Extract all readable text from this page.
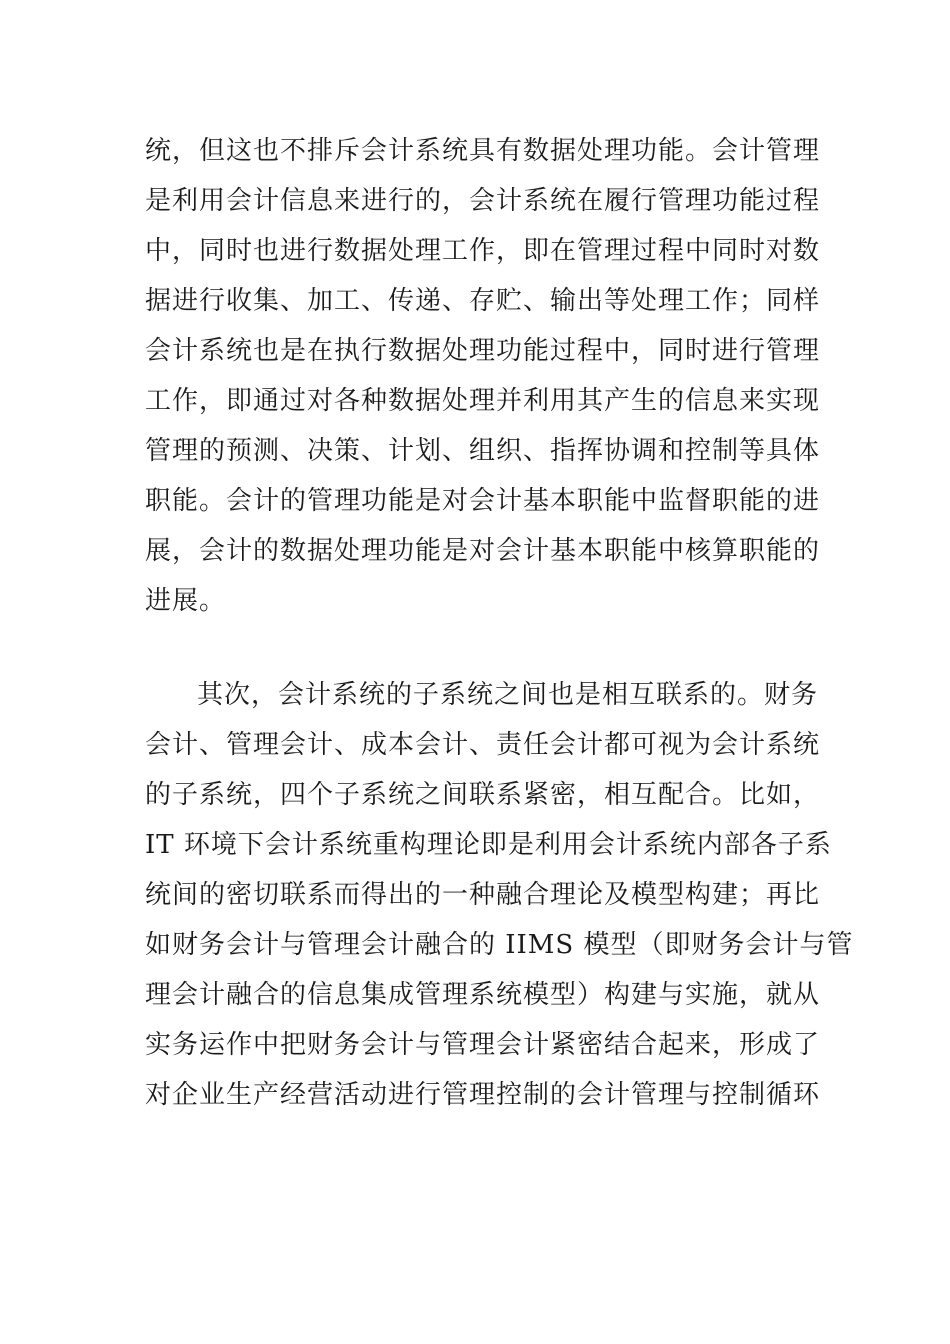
统，但这也不排斥会计系统具有数据处理功能。会计管理
是利用会计信息来进行的，会计系统在履行管理功能过程
中，同时也进行数据处理工作，即在管理过程中同时对数
据进行收集、加工、传递、存贮、输出等处理工作；同样
会计系统也是在执行数据处理功能过程中，同时进行管理
工作，即通过对各种数据处理并利用其产生的信息来实现
管理的预测、决策、计划、组织、指挥协调和控制等具体
职能。会计的管理功能是对会计基本职能中监督职能的进
展，会计的数据处理功能是对会计基本职能中核算职能的
进展。
其次，会计系统的子系统之间也是相互联系的。财务
会计、管理会计、成本会计、责任会计都可视为会计系统
的子系统，四个子系统之间联系紧密，相互配合。比如，
IT 环境下会计系统重构理论即是利用会计系统内部各子系
统间的密切联系而得出的一种融合理论及模型构建；再比
如财务会计与管理会计融合的 IIMS 模型（即财务会计与管
理会计融合的信息集成管理系统模型）构建与实施，就从
实务运作中把财务会计与管理会计紧密结合起来，形成了
对企业生产经营活动进行管理控制的会计管理与控制循环
